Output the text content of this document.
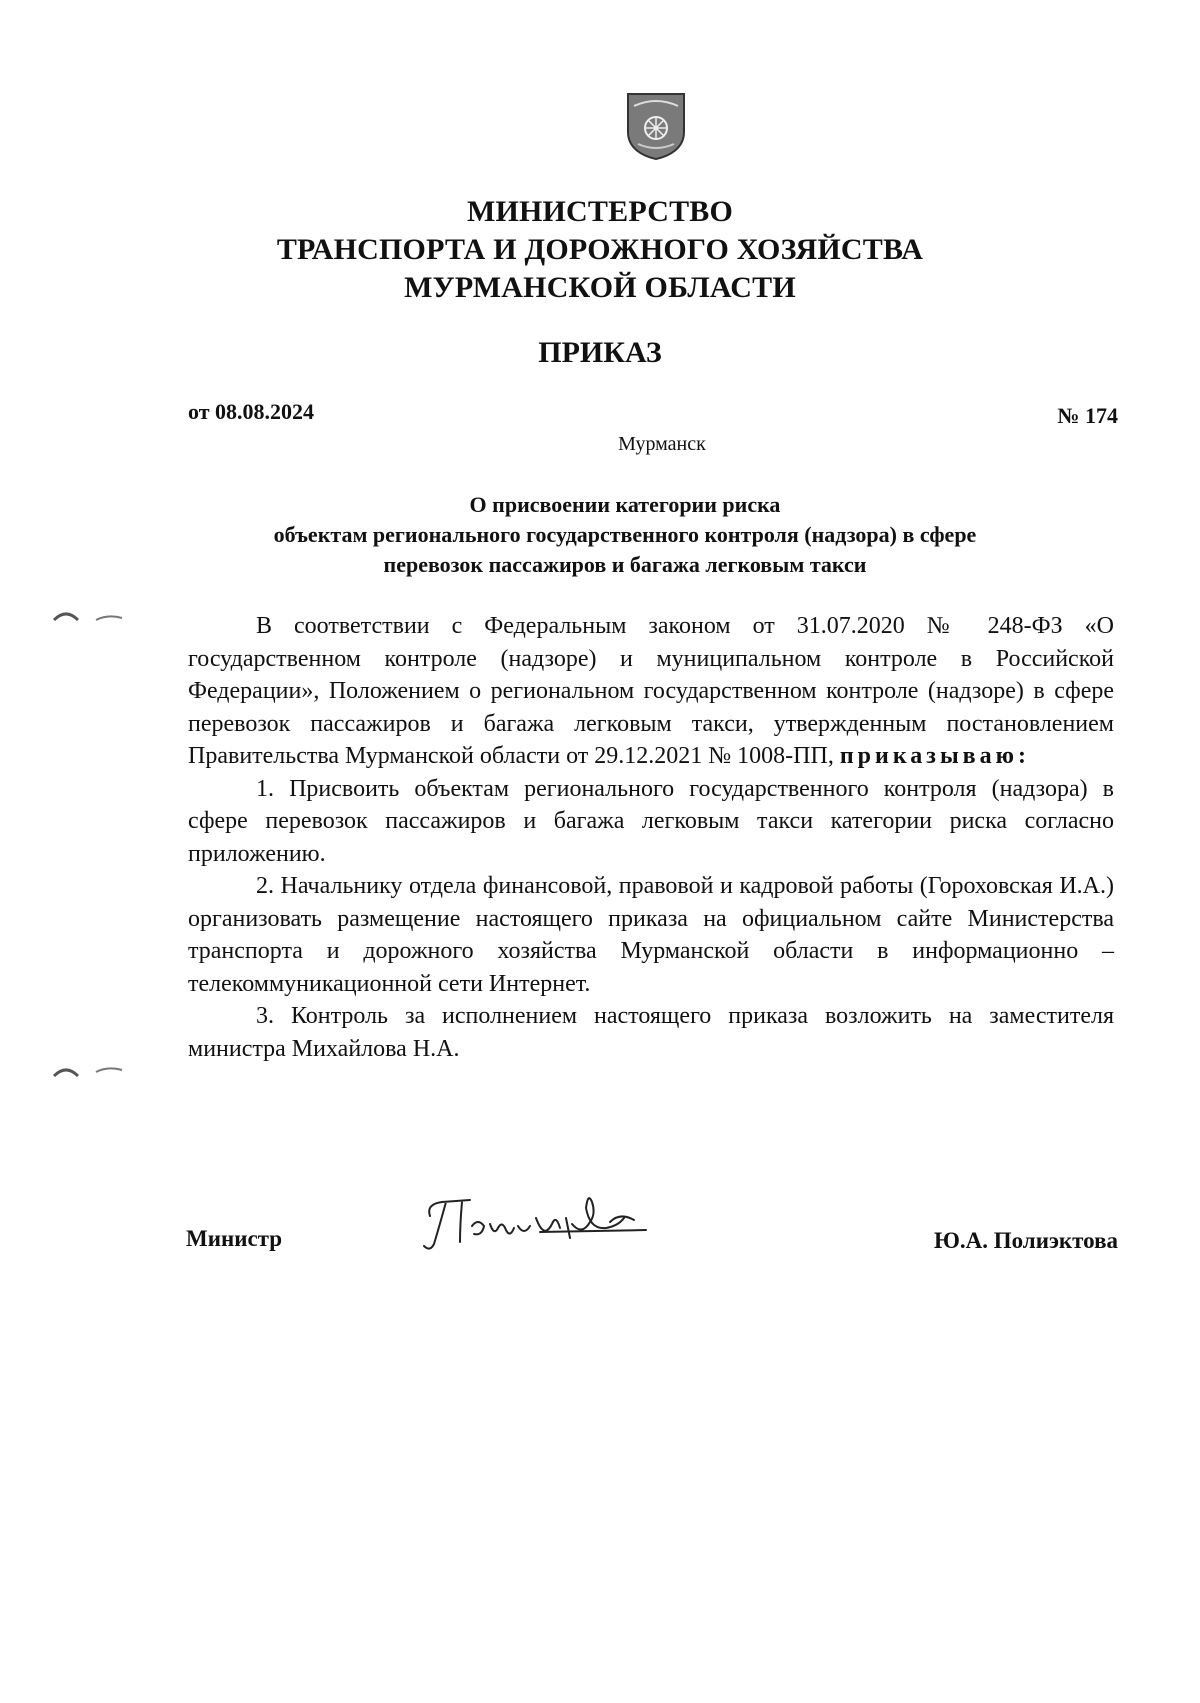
МИНИСТЕРСТВО
ТРАНСПОРТА И ДОРОЖНОГО ХОЗЯЙСТВА
МУРМАНСКОЙ ОБЛАСТИ
ПРИКАЗ
от 08.08.2024	№ 174
Мурманск
О присвоении категории риска
объектам регионального государственного контроля (надзора) в сфере
перевозок пассажиров и багажа легковым такси

В соответствии с Федеральным законом от 31.07.2020 № 248-ФЗ «О государственном контроле (надзоре) и муниципальном контроле в Российской Федерации», Положением о региональном государственном контроле (надзоре) в сфере перевозок пассажиров и багажа легковым такси, утвержденным постановлением Правительства Мурманской области от 29.12.2021 № 1008-ПП, приказываю:

1. Присвоить объектам регионального государственного контроля (надзора) в сфере перевозок пассажиров и багажа легковым такси категории риска согласно приложению.

2. Начальнику отдела финансовой, правовой и кадровой работы (Гороховская И.А.) организовать размещение настоящего приказа на официальном сайте Министерства транспорта и дорожного хозяйства Мурманской области в информационно – телекоммуникационной сети Интернет.

3. Контроль за исполнением настоящего приказа возложить на заместителя министра Михайлова Н.А.

Министр	Ю.А. Полиэктова
